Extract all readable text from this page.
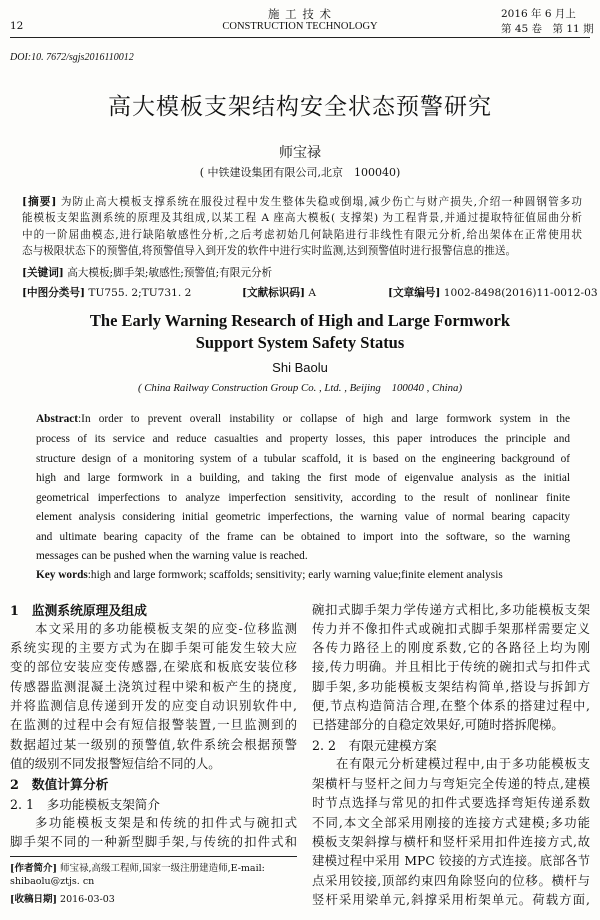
12
施 工 技 术
CONSTRUCTION TECHNOLOGY
2016 年 6 月上
第 45 卷　第 11 期
DOI:10. 7672/sgjs2016110012
高大模板支架结构安全状态预警研究
师宝禄
( 中铁建设集团有限公司,北京　100040)
[摘要] 为防止高大模板支撑系统在服役过程中发生整体失稳或倒塌,减少伤亡与财产损失,介绍一种圆钢管多功
能模板支架监测系统的原理及其组成,以某工程 A 座高大模板( 支撑架) 为工程背景,并通过提取特征值屈曲分析
中的一阶屈曲模态,进行缺陷敏感性分析,之后考虑初始几何缺陷进行非线性有限元分析,给出架体在正常使用状
态与极限状态下的预警值,将预警值导入到开发的软件中进行实时监测,达到预警值时进行报警信息的推送。
[关键词] 高大模板;脚手架;敏感性;预警值;有限元分析
[中图分类号] TU755. 2;TU731. 2	[文献标识码] A	[文章编号] 1002-8498(2016)11-0012-03
The Early Warning Research of High and Large Formwork
Support System Safety Status
Shi Baolu
( China Railway Construction Group Co. , Ltd. , Beijing　100040 , China)
Abstract:In order to prevent overall instability or collapse of high and large formwork system in the
process of its service and reduce casualties and property losses, this paper introduces the principle and
structure design of a monitoring system of a tubular scaffold, it is based on the engineering background of
high and large formwork in a building, and taking the first mode of eigenvalue analysis as the initial
geometrical imperfections to analyze imperfection sensitivity, according to the result of nonlinear finite
element analysis considering initial geometric imperfections, the warning value of normal bearing capacity
and ultimate bearing capacity of the frame can be obtained to import into the software, so the warning
messages can be pushed when the warning value is reached.
Key words:high and large formwork; scaffolds; sensitivity; early warning value;finite element analysis
1　监测系统原理及组成
本文采用的多功能模板支架的应变-位移监测
系统实现的主要方式为在脚手架可能发生较大应
变的部位安装应变传感器,在梁底和板底安装位移
传感器监测混凝土浇筑过程中梁和板产生的挠度,
并将监测信息传递到开发的应变自动识别软件中,
在监测的过程中会有短信报警装置,一旦监测到的
数据超过某一级别的预警值,软件系统会根据预警
值的级别不同发报警短信给不同的人。
2　数值计算分析
2. 1　多功能模板支架简介
多功能模板支架是和传统的扣件式与碗扣式
脚手架不同的一种新型脚手架,与传统的扣件式和
[作者简介] 师宝禄,高级工程师,国家一级注册建造师,E-mail:
shibaolu@ztjs. cn
[收稿日期] 2016-03-03
碗扣式脚手架力学传递方式相比,多功能模板支架
传力并不像扣件式或碗扣式脚手架那样需要定义
各传力路径上的刚度系数,它的各路径上均为刚
接,传力明确。并且相比于传统的碗扣式与扣件式
脚手架,多功能模板支架结构简单,搭设与拆卸方
便,节点构造简洁合理,在整个体系的搭建过程中,
已搭建部分的自稳定效果好,可随时搭拆爬梯。
2. 2　有限元建模方案
在有限元分析建模过程中,由于多功能模板支
架横杆与竖杆之间力与弯矩完全传递的特点,建模
时节点选择与常见的扣件式要选择弯矩传递系数
不同,本文全部采用刚接的连接方式建模;多功能
模板支架斜撑与横杆和竖杆采用扣件连接方式,故
建模过程中采用 MPC 铰接的方式连接。底部各节
点采用铰接,顶部约束四角除竖向的位移。横杆与
竖杆采用梁单元,斜撑采用桁架单元。荷载方面,
